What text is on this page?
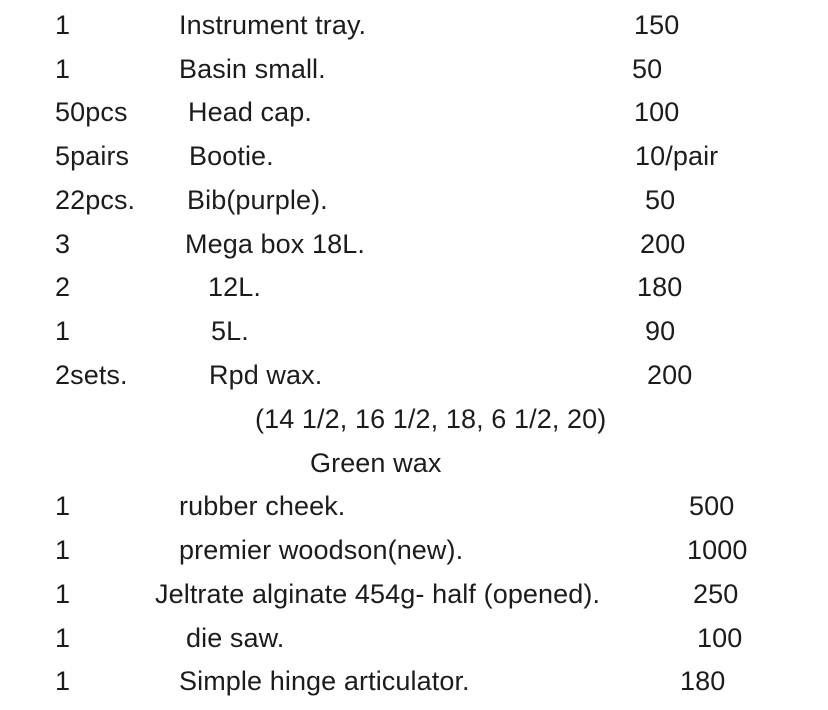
1	Instrument tray.	150
1	Basin small.	50
50pcs Head cap.	100
5pairs Bootie.	10/pair
22pcs. Bib(purple).	50
3	Mega box 18L.	200
2	12L.	180
1	5L.	90
2sets.	Rpd wax.	200
(14 1/2, 16 1/2, 18, 6 1/2, 20)
Green wax
1	rubber cheek.	500
1	premier woodson(new).	1000
1	Jeltrate alginate 454g- half (opened).	250
1	die saw.	100
1	Simple hinge articulator.	180
